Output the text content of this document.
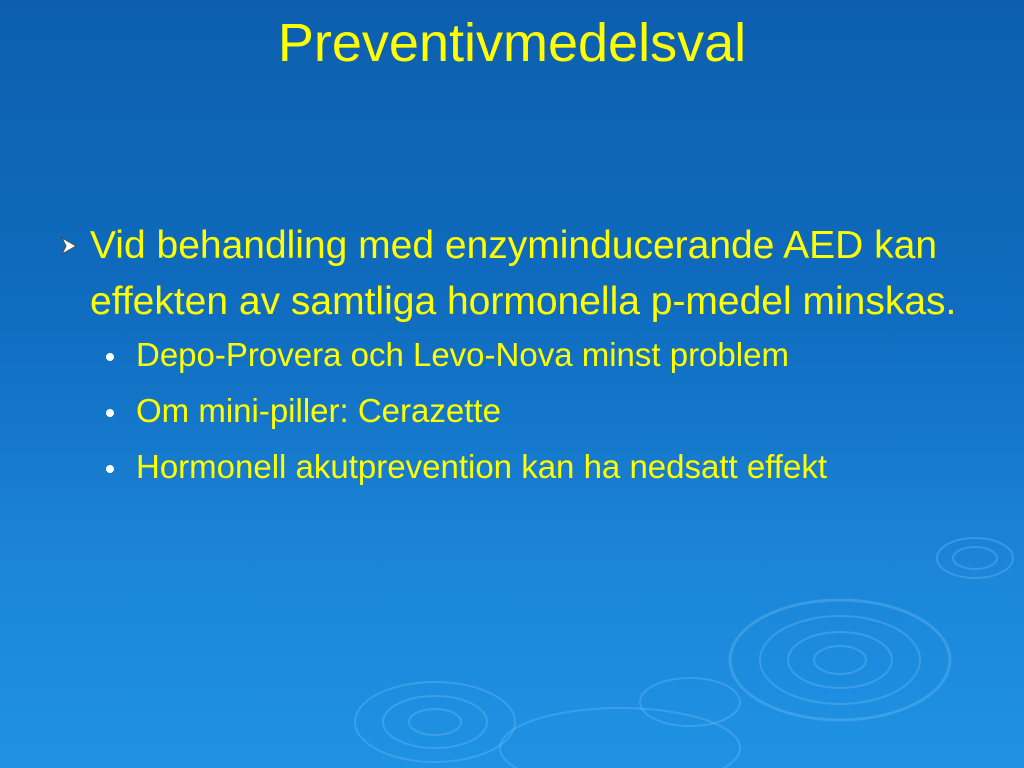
Preventivmedelsval
Vid behandling med enzyminducerande AED kan effekten av samtliga hormonella p-medel minskas.
Depo-Provera och Levo-Nova minst problem
Om mini-piller: Cerazette
Hormonell akutprevention kan ha nedsatt effekt
